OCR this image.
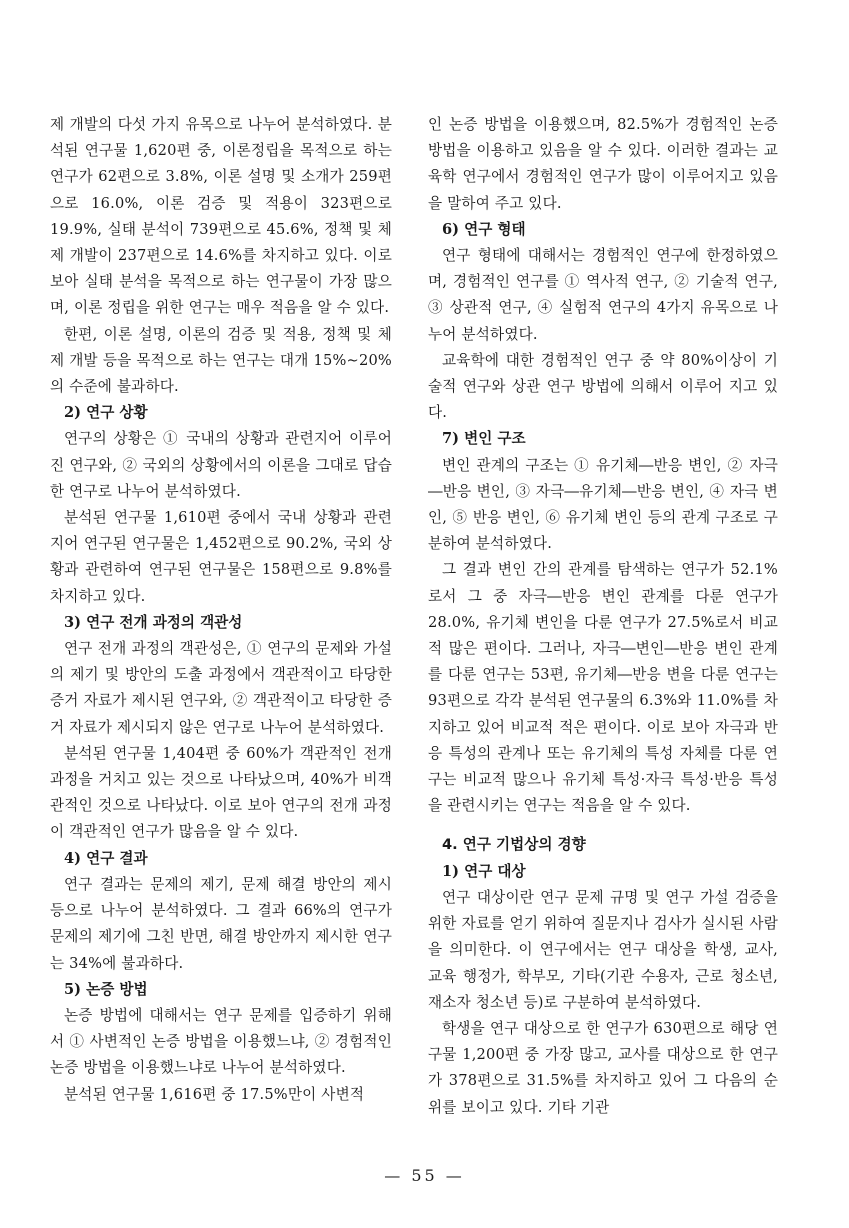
제 개발의 다섯 가지 유목으로 나누어 분석하였다. 분석된 연구물 1,620편 중, 이론정립을 목적으로 하는 연구가 62편으로 3.8%, 이론 설명 및 소개가 259편으로 16.0%, 이론 검증 및 적용이 323편으로 19.9%, 실태 분석이 739편으로 45.6%, 정책 및 체제 개발이 237편으로 14.6%를 차지하고 있다. 이로 보아 실태 분석을 목적으로 하는 연구물이 가장 많으며, 이론 정립을 위한 연구는 매우 적음을 알 수 있다.

한편, 이론 설명, 이론의 검증 및 적용, 정책 및 체제 개발 등을 목적으로 하는 연구는 대개 15%∼20%의 수준에 불과하다.

2) 연구 상황

연구의 상황은 ① 국내의 상황과 관련지어 이루어진 연구와, ② 국외의 상황에서의 이론을 그대로 답습한 연구로 나누어 분석하였다.

분석된 연구물 1,610편 중에서 국내 상황과 관련지어 연구된 연구물은 1,452편으로 90.2%, 국외 상황과 관련하여 연구된 연구물은 158편으로 9.8%를 차지하고 있다.

3) 연구 전개 과정의 객관성

연구 전개 과정의 객관성은, ① 연구의 문제와 가설의 제기 및 방안의 도출 과정에서 객관적이고 타당한 증거 자료가 제시된 연구와, ② 객관적이고 타당한 증거 자료가 제시되지 않은 연구로 나누어 분석하였다.

분석된 연구물 1,404편 중 60%가 객관적인 전개 과정을 거치고 있는 것으로 나타났으며, 40%가 비객관적인 것으로 나타났다. 이로 보아 연구의 전개 과정이 객관적인 연구가 많음을 알 수 있다.

4) 연구 결과

연구 결과는 문제의 제기, 문제 해결 방안의 제시 등으로 나누어 분석하였다. 그 결과 66%의 연구가 문제의 제기에 그친 반면, 해결 방안까지 제시한 연구는 34%에 불과하다.

5) 논증 방법

논증 방법에 대해서는 연구 문제를 입증하기 위해서 ① 사변적인 논증 방법을 이용했느냐, ② 경험적인 논증 방법을 이용했느냐로 나누어 분석하였다.

분석된 연구물 1,616편 중 17.5%만이 사변적

인 논증 방법을 이용했으며, 82.5%가 경험적인 논증 방법을 이용하고 있음을 알 수 있다. 이러한 결과는 교육학 연구에서 경험적인 연구가 많이 이루어지고 있음을 말하여 주고 있다.

6) 연구 형태

연구 형태에 대해서는 경험적인 연구에 한정하였으며, 경험적인 연구를 ① 역사적 연구, ② 기술적 연구, ③ 상관적 연구, ④ 실험적 연구의 4가지 유목으로 나누어 분석하였다.

교육학에 대한 경험적인 연구 중 약 80%이상이 기술적 연구와 상관 연구 방법에 의해서 이루어 지고 있다.

7) 변인 구조

변인 관계의 구조는 ① 유기체―반응 변인, ② 자극―반응 변인, ③ 자극―유기체―반응 변인, ④ 자극 변인, ⑤ 반응 변인, ⑥ 유기체 변인 등의 관계 구조로 구분하여 분석하였다.

그 결과 변인 간의 관계를 탐색하는 연구가 52.1%로서 그 중 자극―반응 변인 관계를 다룬 연구가 28.0%, 유기체 변인을 다룬 연구가 27.5%로서 비교적 많은 편이다. 그러나, 자극―변인―반응 변인 관계를 다룬 연구는 53편, 유기체―반응 변을 다룬 연구는 93편으로 각각 분석된 연구물의 6.3%와 11.0%를 차지하고 있어 비교적 적은 편이다. 이로 보아 자극과 반응 특성의 관계나 또는 유기체의 특성 자체를 다룬 연구는 비교적 많으나 유기체 특성·자극 특성·반응 특성을 관련시키는 연구는 적음을 알 수 있다.

4. 연구 기법상의 경향
1) 연구 대상

연구 대상이란 연구 문제 규명 및 연구 가설 검증을 위한 자료를 얻기 위하여 질문지나 검사가 실시된 사람을 의미한다. 이 연구에서는 연구 대상을 학생, 교사, 교육 행정가, 학부모, 기타(기관 수용자, 근로 청소년, 재소자 청소년 등)로 구분하여 분석하였다.

학생을 연구 대상으로 한 연구가 630편으로 해당 연구물 1,200편 중 가장 많고, 교사를 대상으로 한 연구가 378편으로 31.5%를 차지하고 있어 그 다음의 순위를 보이고 있다. 기타 기관

— 55 —
